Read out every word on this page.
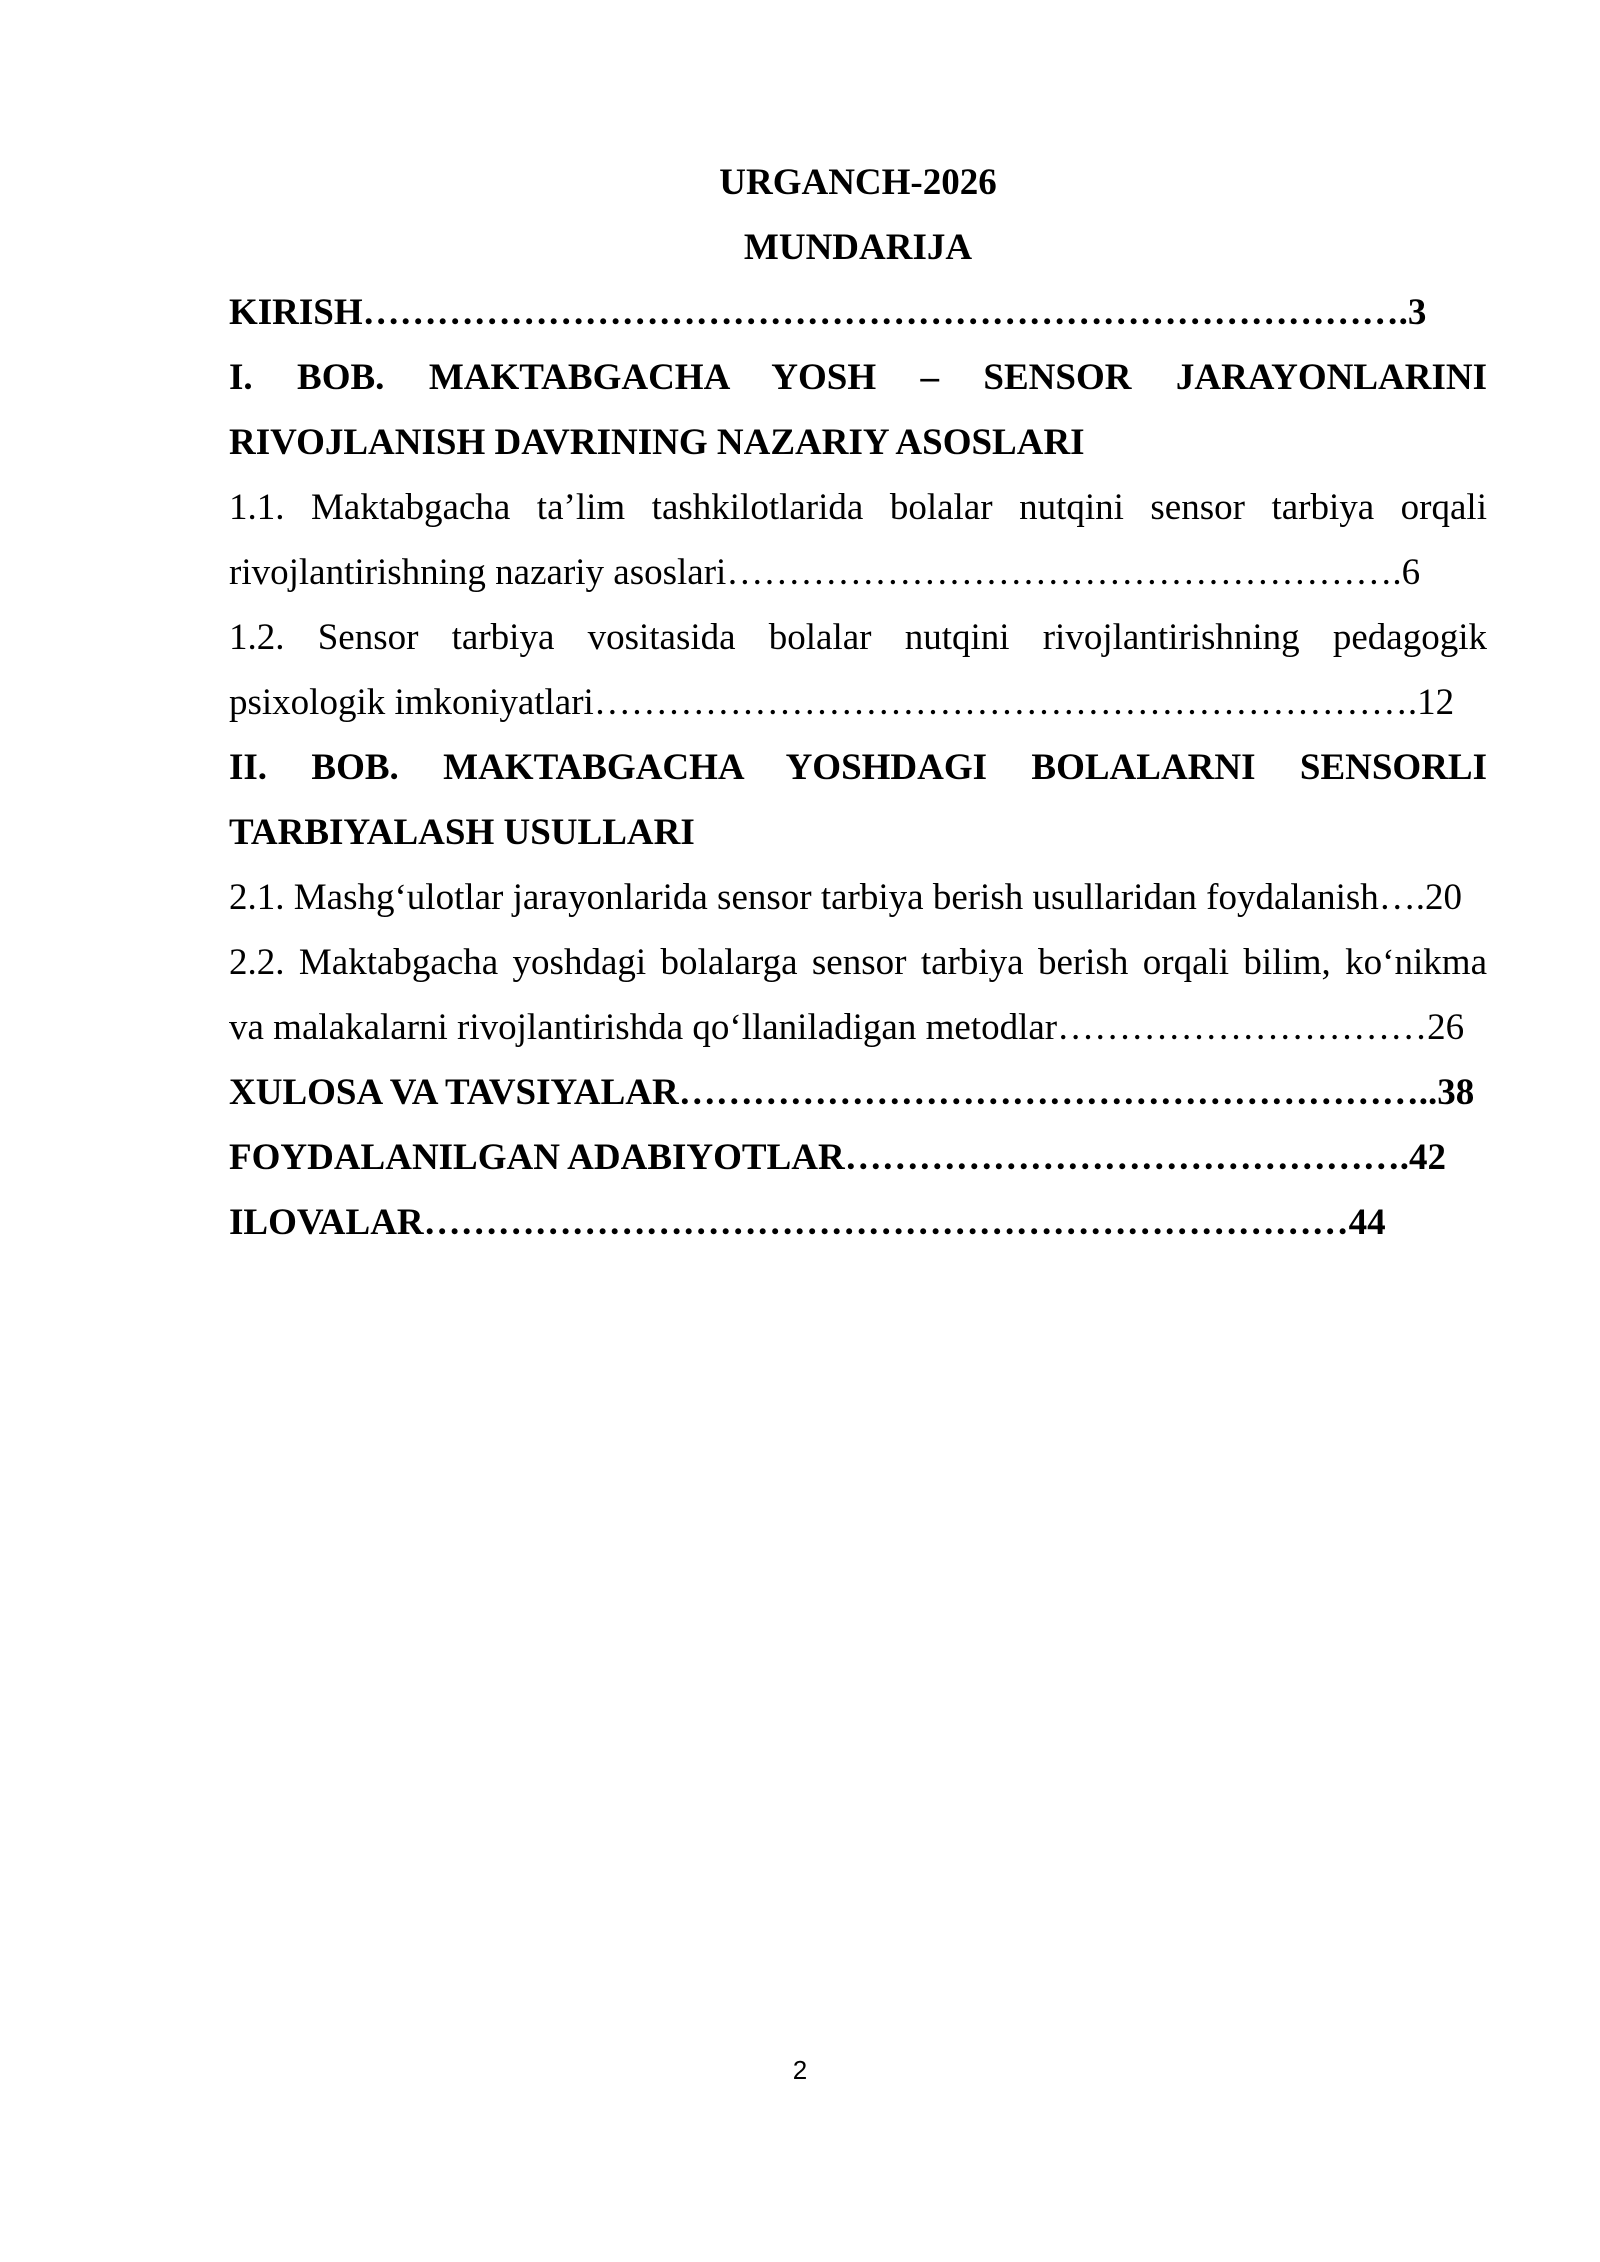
URGANCH-2026

MUNDARIJA

KIRISH………………………………………………………………………….3

I. BOB. MAKTABGACHA YOSH – SENSOR JARAYONLARINI

RIVOJLANISH DAVRINING NAZARIY ASOSLARI

1.1. Maktabgacha ta’lim tashkilotlarida bolalar nutqini sensor tarbiya orqali

rivojlantirishning nazariy asoslari……………………………………………….6

1.2. Sensor tarbiya vositasida bolalar nutqini rivojlantirishning pedagogik

psixologik imkoniyatlari………………………………………………………….12

II. BOB. MAKTABGACHA YOSHDAGI BOLALARNI SENSORLI

TARBIYALASH USULLARI

2.1. Mashg‘ulotlar jarayonlarida sensor tarbiya berish usullaridan foydalanish….20

2.2. Maktabgacha yoshdagi bolalarga sensor tarbiya berish orqali bilim, ko‘nikma

va malakalarni rivojlantirishda qo‘llaniladigan metodlar…………………………26

XULOSA VA TAVSIYALAR……………………………………………………..38

FOYDALANILGAN ADABIYOTLAR……………………………………….42

ILOVALAR…………………………………………………………………44

2
